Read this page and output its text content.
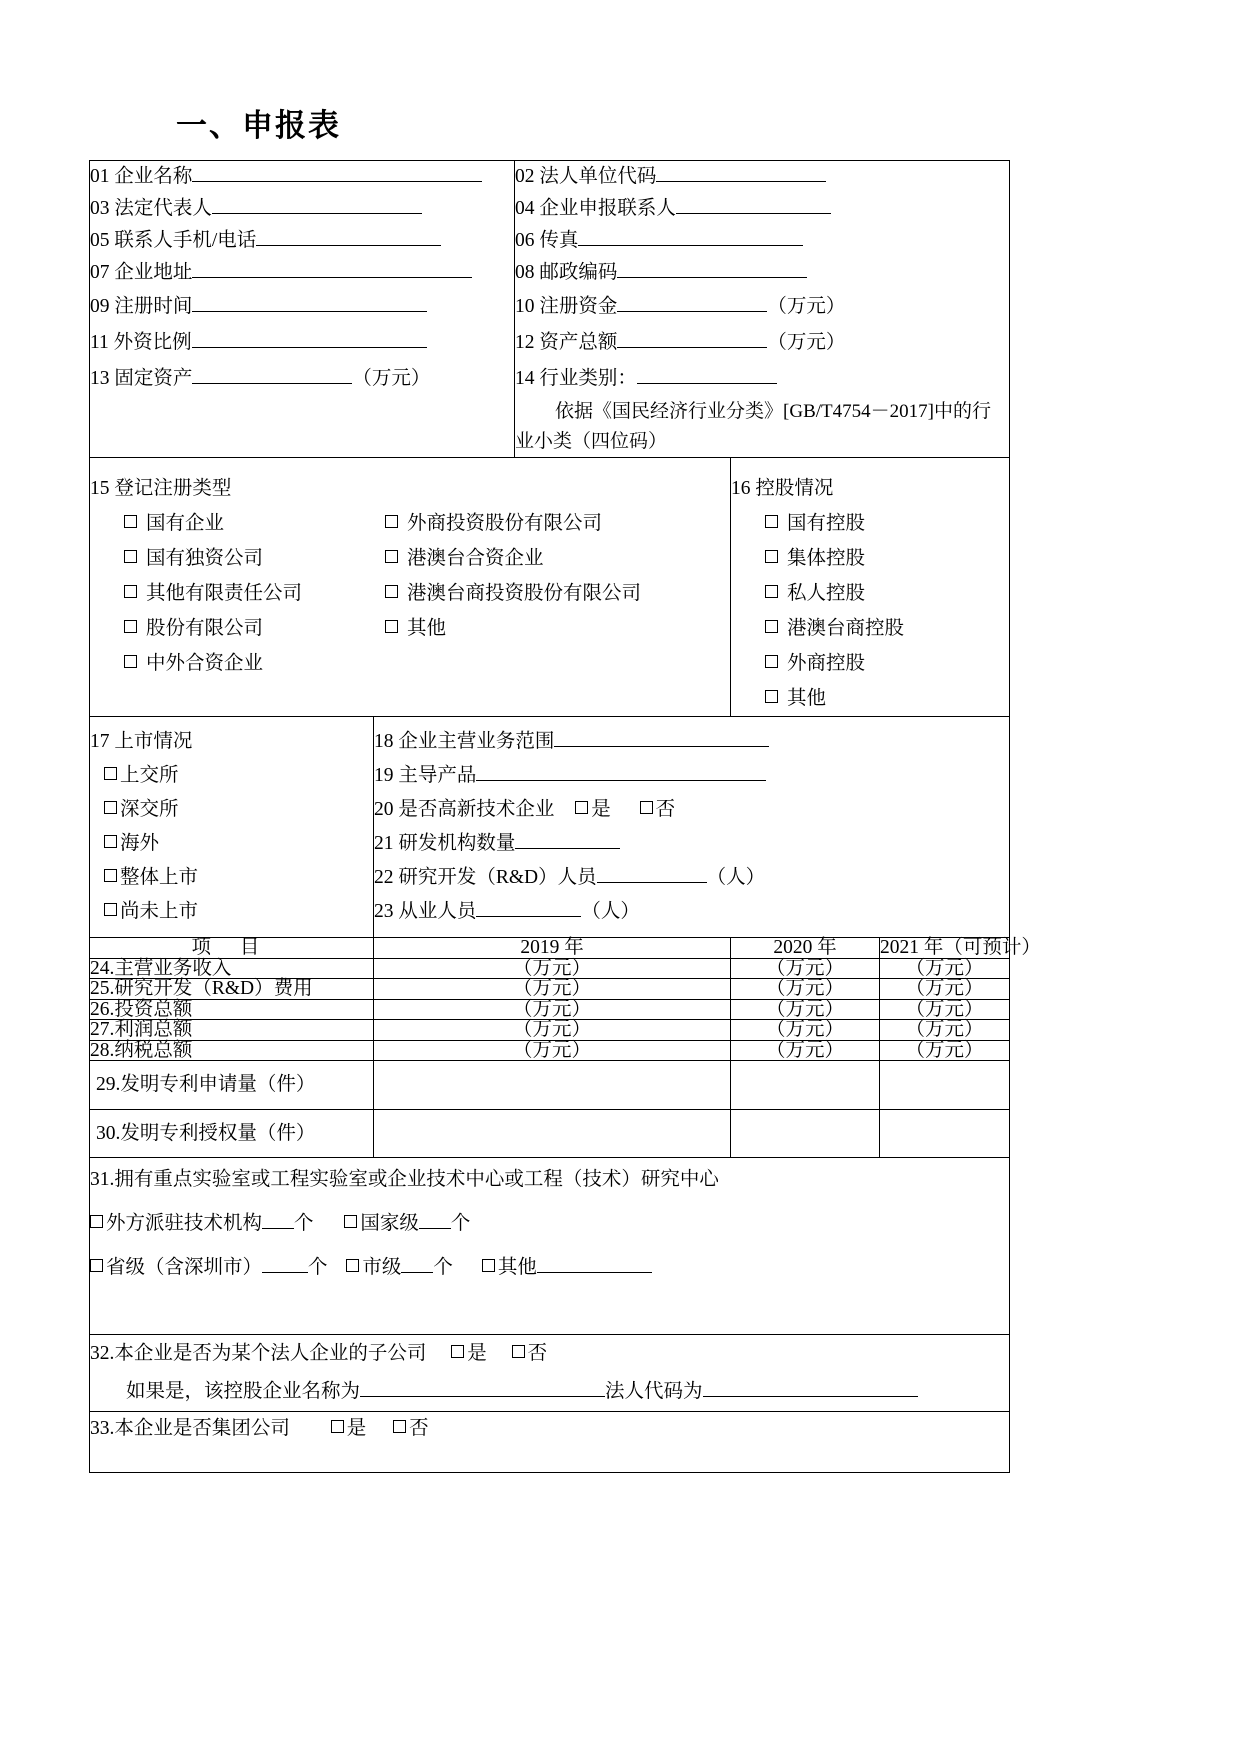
一、申报表
01 企业名称
03 法定代表人
05 联系人手机/电话
07 企业地址
09 注册时间
11 外资比例
13 固定资产	（万元）

02 法人单位代码
04 企业申报联系人
06 传真
08 邮政编码
10 注册资金	（万元）
12 资产总额	（万元）
14 行业类别：
依据《国民经济行业分类》[GB/T4754－2017]中的行
业小类（四位码）

15 登记注册类型
国有企业
国有独资公司
其他有限责任公司
股份有限公司
中外合资企业
外商投资股份有限公司
港澳台合资企业
港澳台商投资股份有限公司
其他

16 控股情况
国有控股
集体控股
私人控股
港澳台商控股
外商控股
其他

17 上市情况
上交所
深交所
海外
整体上市
尚未上市

18 企业主营业务范围
19 主导产品
20 是否高新技术企业 是 否
21 研发机构数量
22 研究开发（R&D）人员	（人）
23 从业人员	（人）

项 目	2019 年		2020 年	2021 年（可预计）
24.主营业务收入	（万元）		（万元）	（万元）
25.研究开发（R&D）费用	（万元）		（万元）	（万元）
26.投资总额	（万元）		（万元）	（万元）
27.利润总额	（万元）		（万元）	（万元）
28.纳税总额	（万元）		（万元）	（万元）
29.发明专利申请量（件）				
30.发明专利授权量（件）				

31.拥有重点实验室或工程实验室或企业技术中心或工程（技术）研究中心
外方派驻技术机构 个 国家级 个
省级（含深圳市） 个 市级 个 其他				

32.本企业是否为某个法人企业的子公司 是 否
如果是，该控股企业名称为 法人代码为				

33.本企业是否集团公司 是 否				
